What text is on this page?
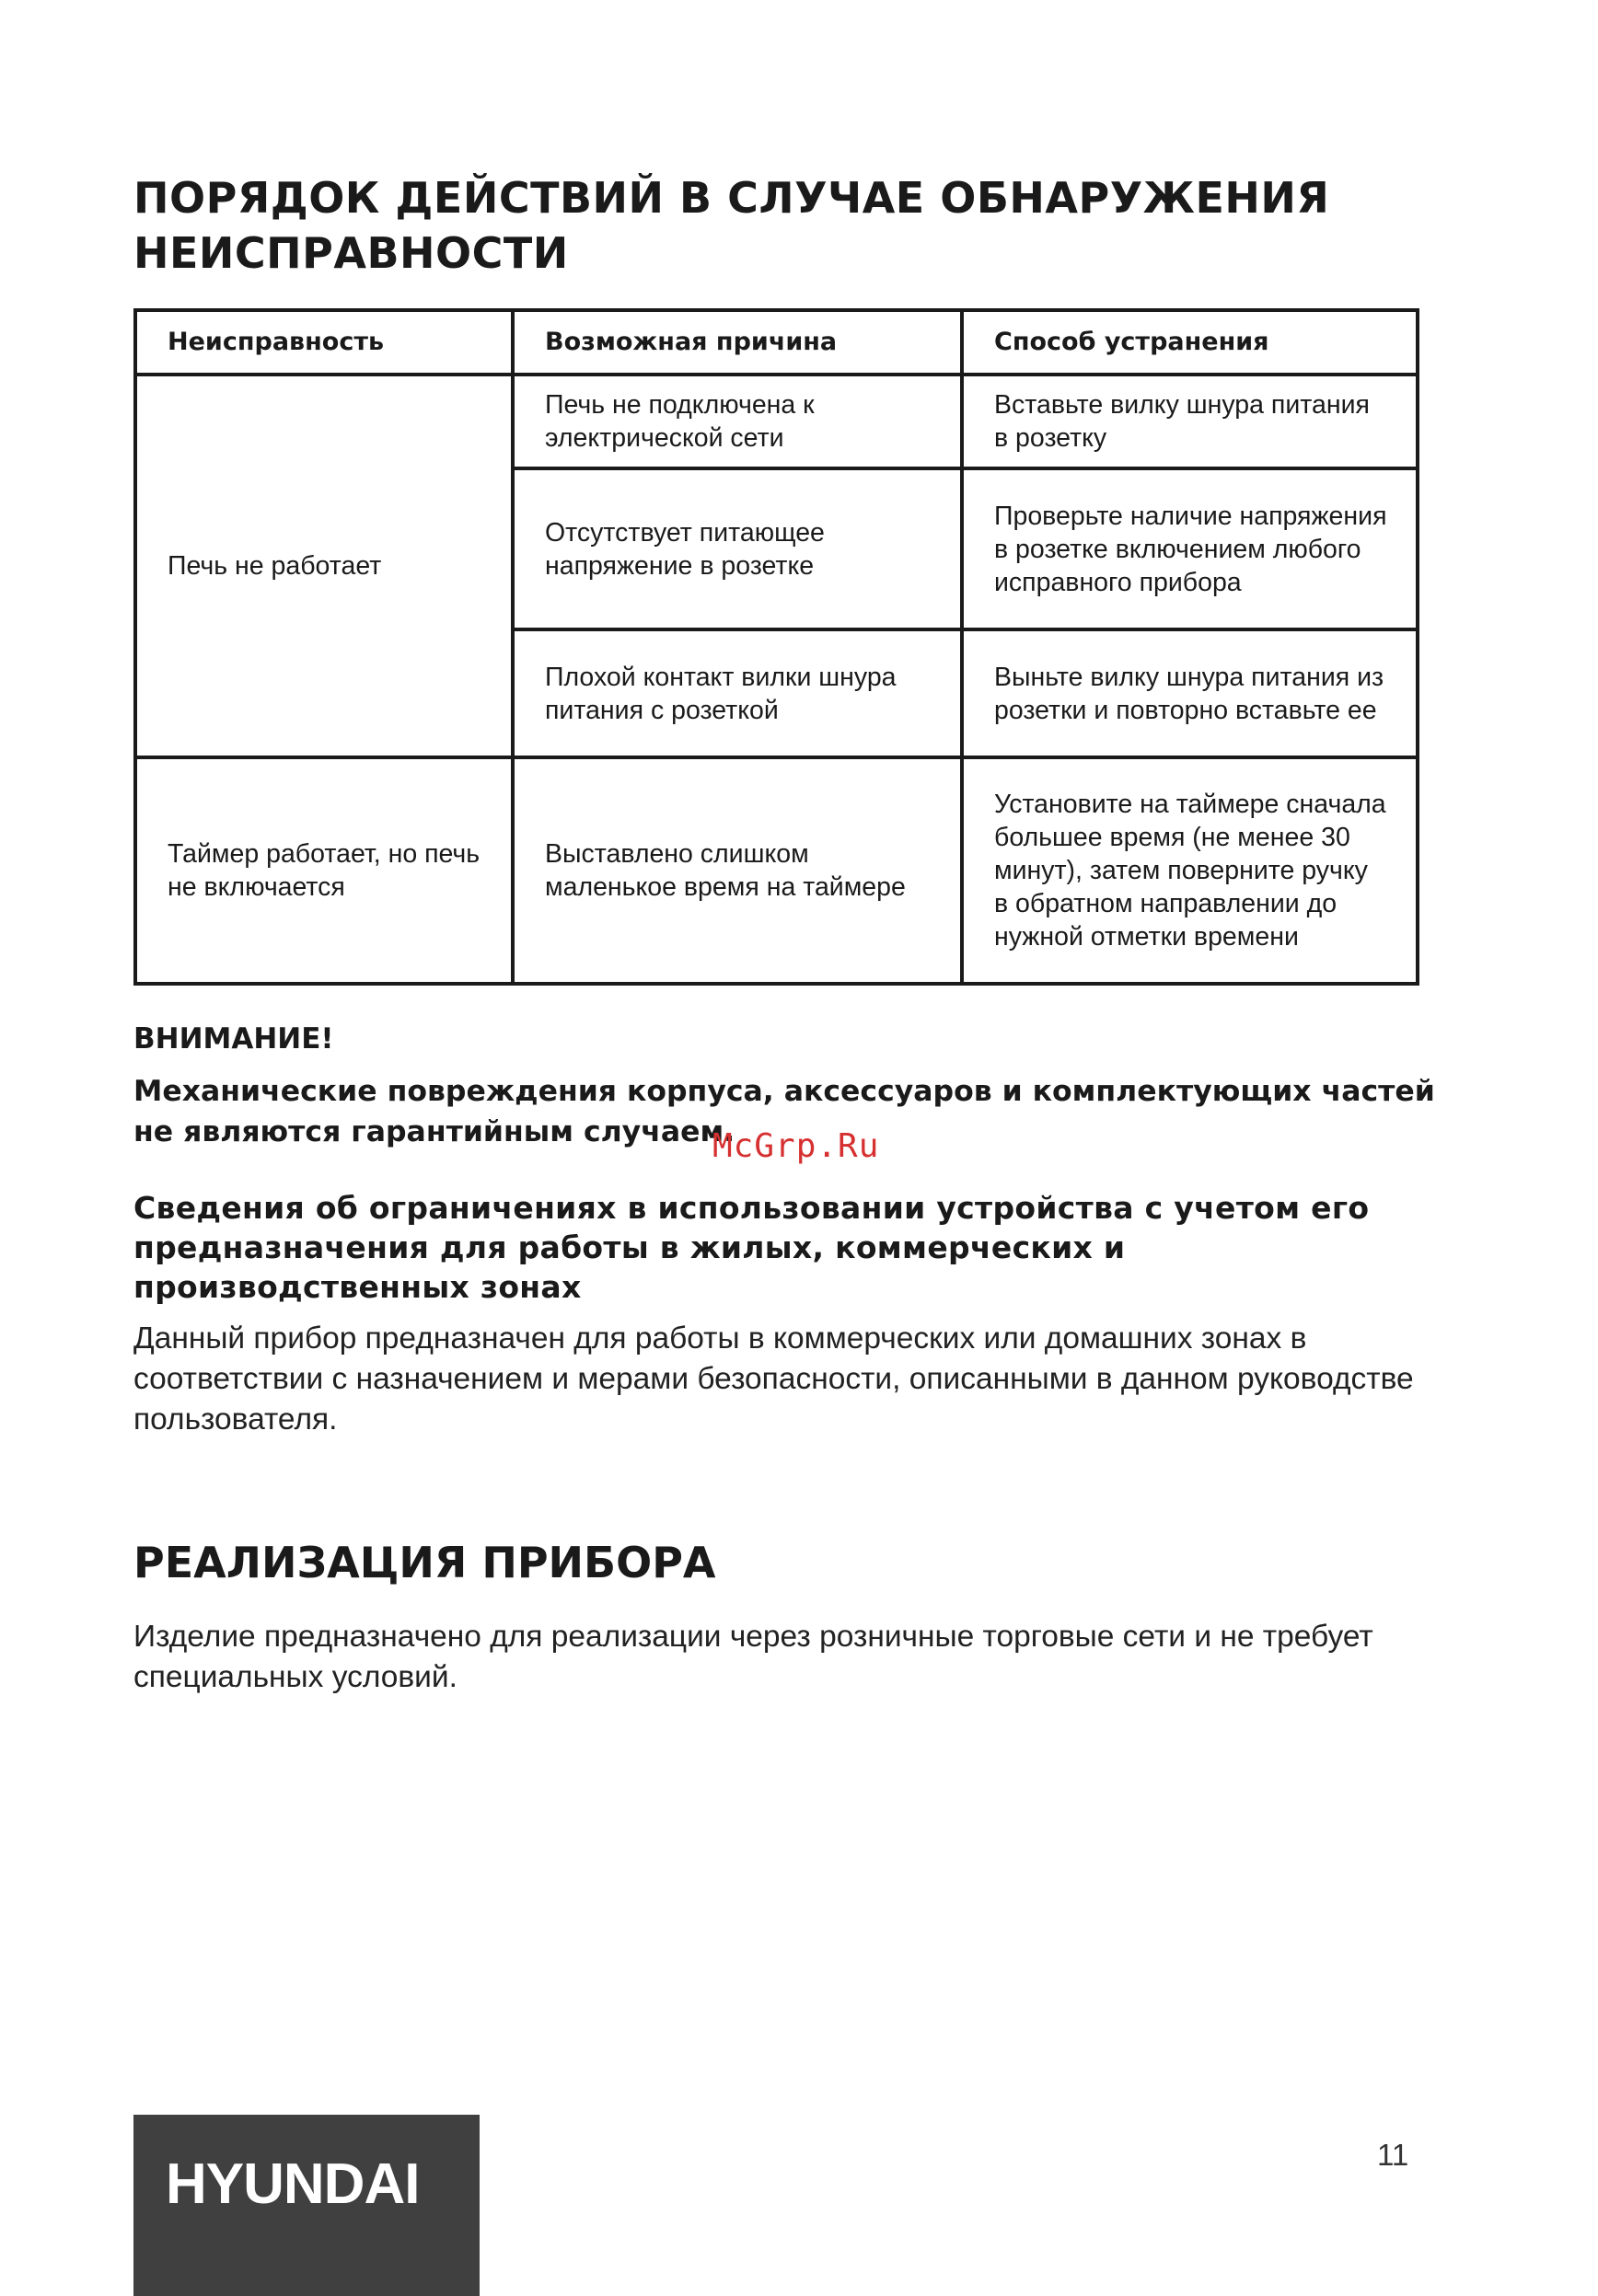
ПОРЯДОК ДЕЙСТВИЙ В СЛУЧАЕ ОБНАРУЖЕНИЯ
НЕИСПРАВНОСТИ
Неисправность	Возможная причина	Способ устранения

Печь не работает	Печь не подключена к электрической сети	Вставьте вилку шнура питания в розетку

	Отсутствует питающее напряжение в розетке	Проверьте наличие напряжения в розетке включением любого исправного прибора

	Плохой контакт вилки шнура питания с розеткой	Выньте вилку шнура питания из розетки и повторно вставьте ее

Таймер работает, но печь не включается	Выставлено слишком маленькое время на таймере	Установите на таймере сначала большее время (не менее 30 минут), затем поверните ручку в обратном направлении до нужной отметки времени
ВНИМАНИЕ!
Механические повреждения корпуса, аксессуаров и комплектующих частей не являются гарантийным случаем.
McGrp.Ru
Сведения об ограничениях в использовании устройства с учетом его предназначения для работы в жилых, коммерческих и производственных зонах
Данный прибор предназначен для работы в коммерческих или домашних зонах в соответствии с назначением и мерами безопасности, описанными в данном руководстве пользователя.
РЕАЛИЗАЦИЯ ПРИБОРА
Изделие предназначено для реализации через розничные торговые сети и не требует специальных условий.
HYUNDAI	11
